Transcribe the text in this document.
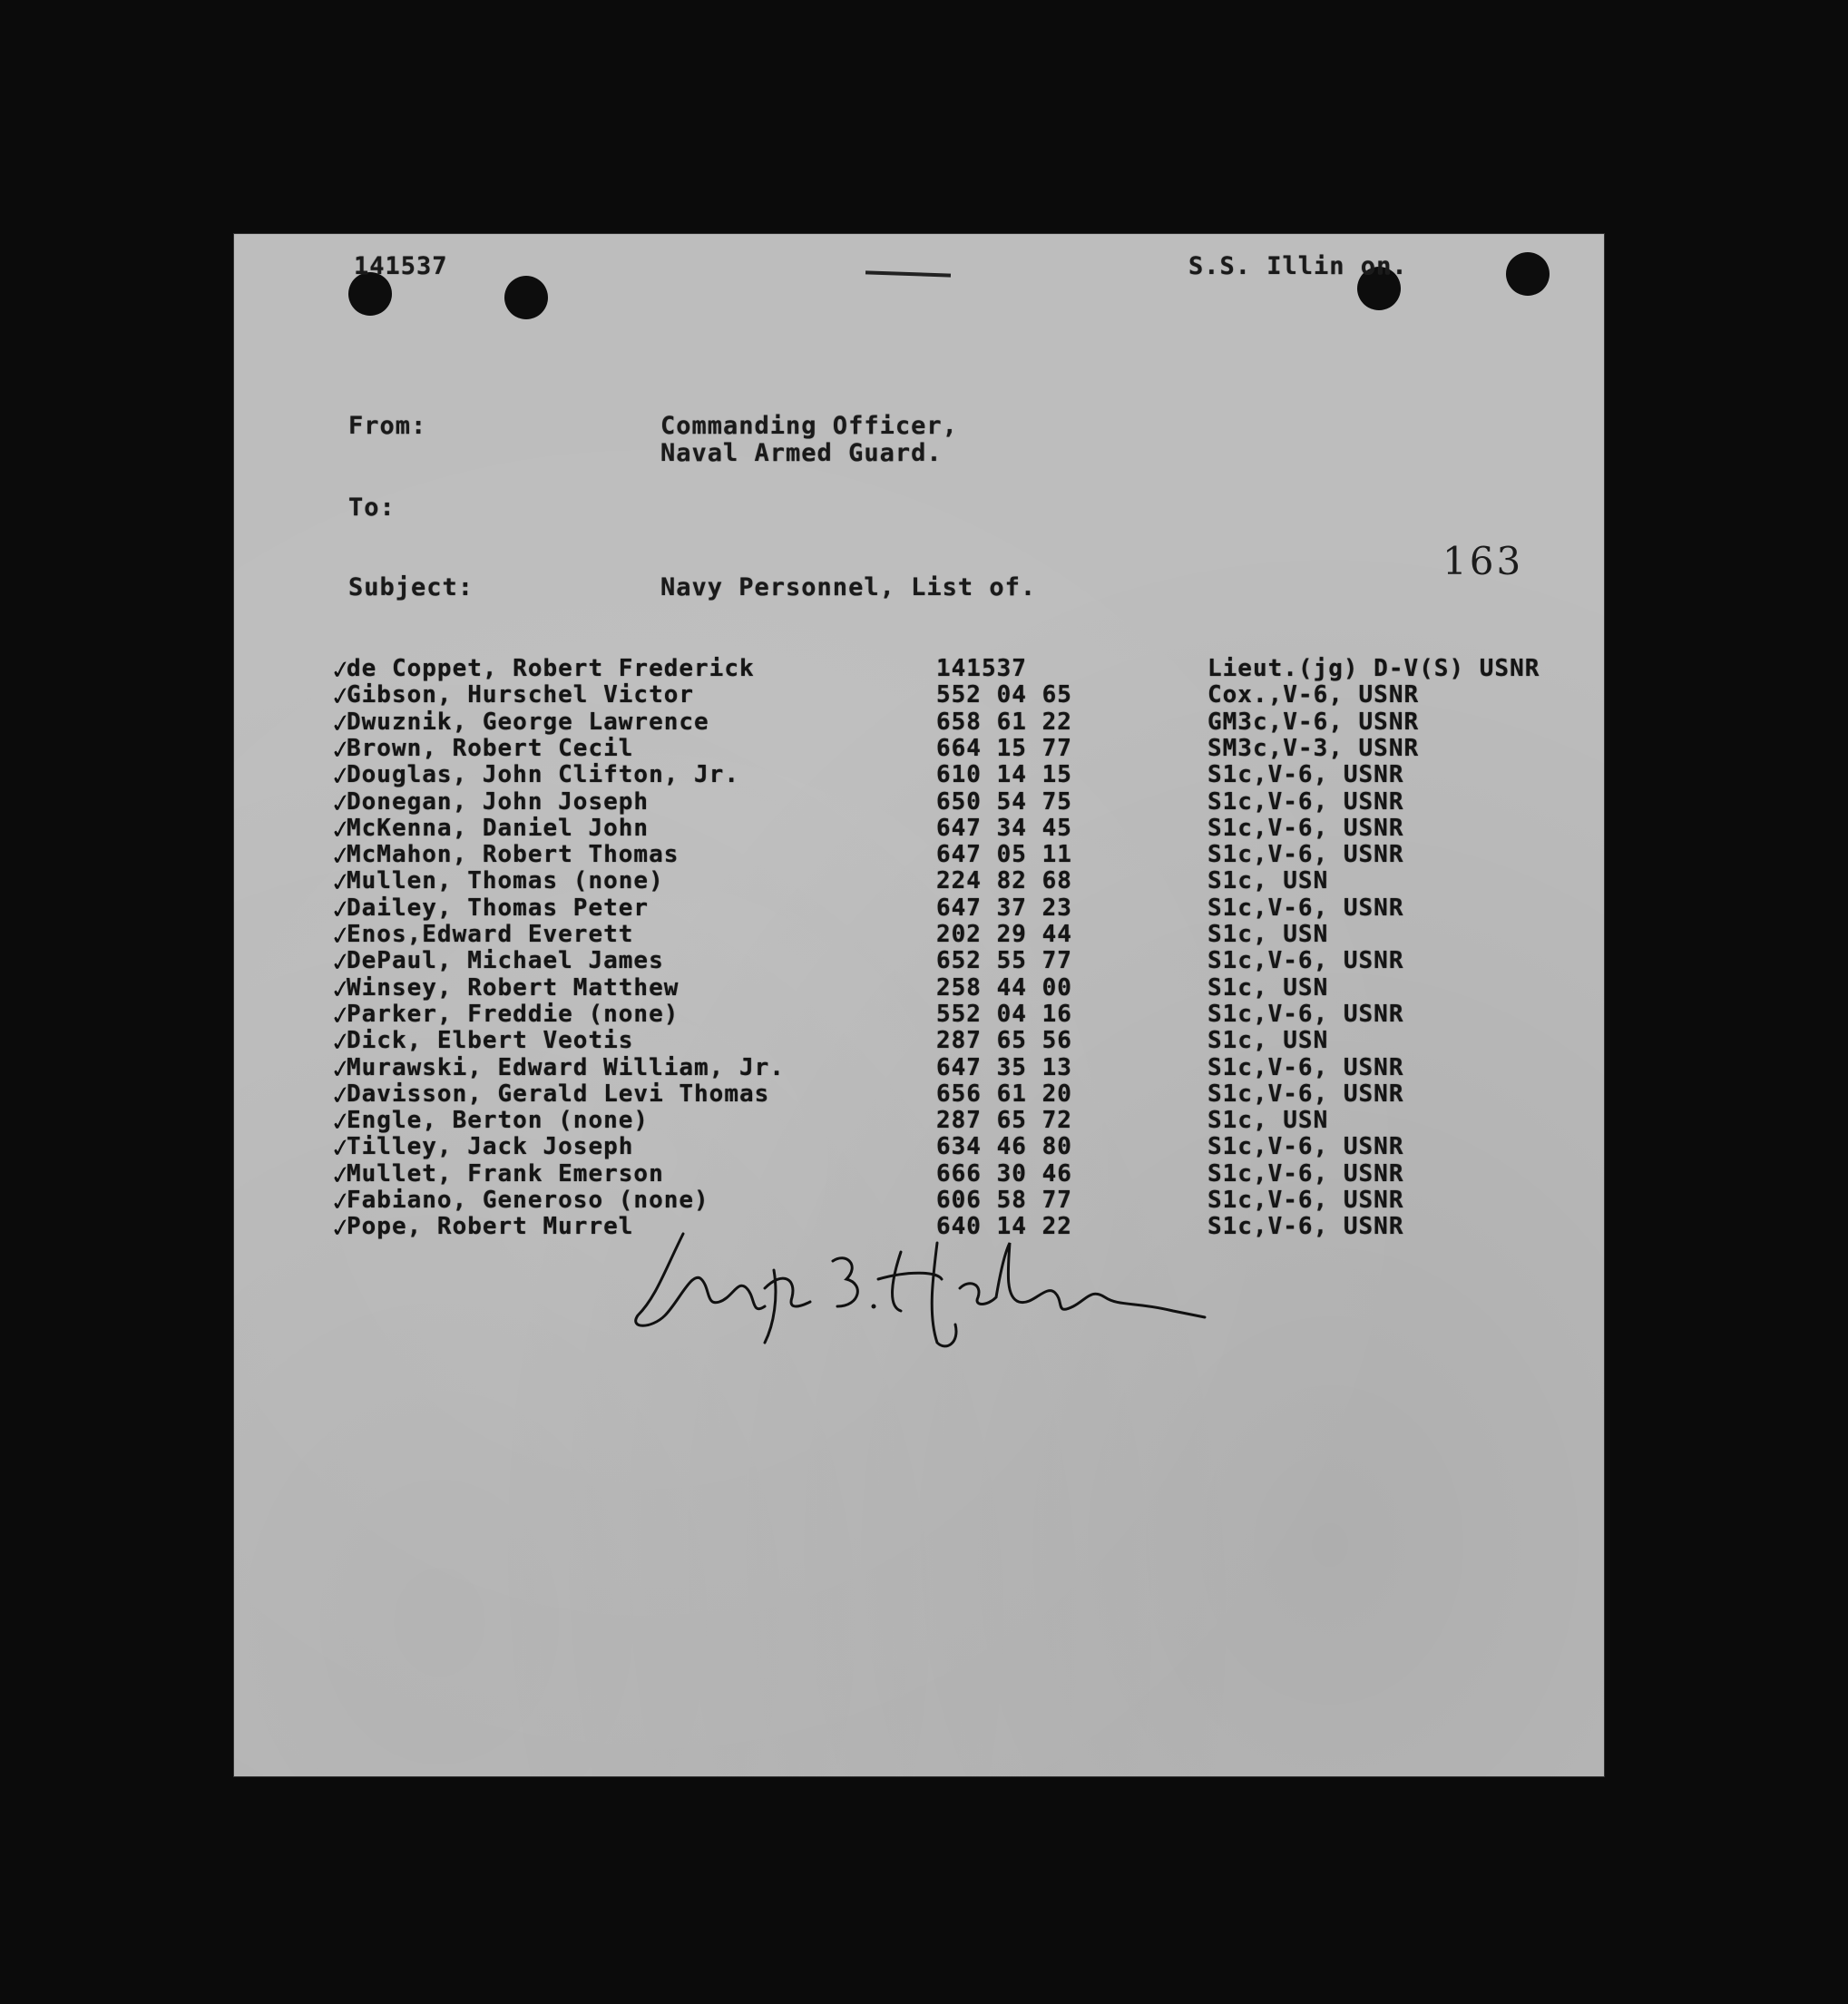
141537	S.S. Illin on.
From:	Commanding Officer,
Naval Armed Guard.
To:
Subject:	Navy Personnel, List of.
163
✓
de Coppet, Robert Frederick	141537	Lieut.(jg) D-V(S) USNR
✓
Gibson, Hurschel Victor	552 04 65	Cox.,V-6, USNR
✓
Dwuznik, George Lawrence	658 61 22	GM3c,V-6, USNR
✓
Brown, Robert Cecil	664 15 77	SM3c,V-3, USNR
✓
Douglas, John Clifton, Jr.	610 14 15	S1c,V-6, USNR
✓
Donegan, John Joseph	650 54 75	S1c,V-6, USNR
✓
McKenna, Daniel John	647 34 45	S1c,V-6, USNR
✓
McMahon, Robert Thomas	647 05 11	S1c,V-6, USNR
✓
Mullen, Thomas (none)	224 82 68	S1c, USN
✓
Dailey, Thomas Peter	647 37 23	S1c,V-6, USNR
✓
Enos,Edward Everett	202 29 44	S1c, USN
✓
DePaul, Michael James	652 55 77	S1c,V-6, USNR
✓
Winsey, Robert Matthew	258 44 00	S1c, USN
✓
Parker, Freddie (none)	552 04 16	S1c,V-6, USNR
✓
Dick, Elbert Veotis	287 65 56	S1c, USN
✓
Murawski, Edward William, Jr.	647 35 13	S1c,V-6, USNR
✓
Davisson, Gerald Levi Thomas	656 61 20	S1c,V-6, USNR
✓
Engle, Berton (none)	287 65 72	S1c, USN
✓
Tilley, Jack Joseph	634 46 80	S1c,V-6, USNR
✓
Mullet, Frank Emerson	666 30 46	S1c,V-6, USNR
✓
Fabiano, Generoso (none)	606 58 77	S1c,V-6, USNR
✓
Pope, Robert Murrel	640 14 22	S1c,V-6, USNR
